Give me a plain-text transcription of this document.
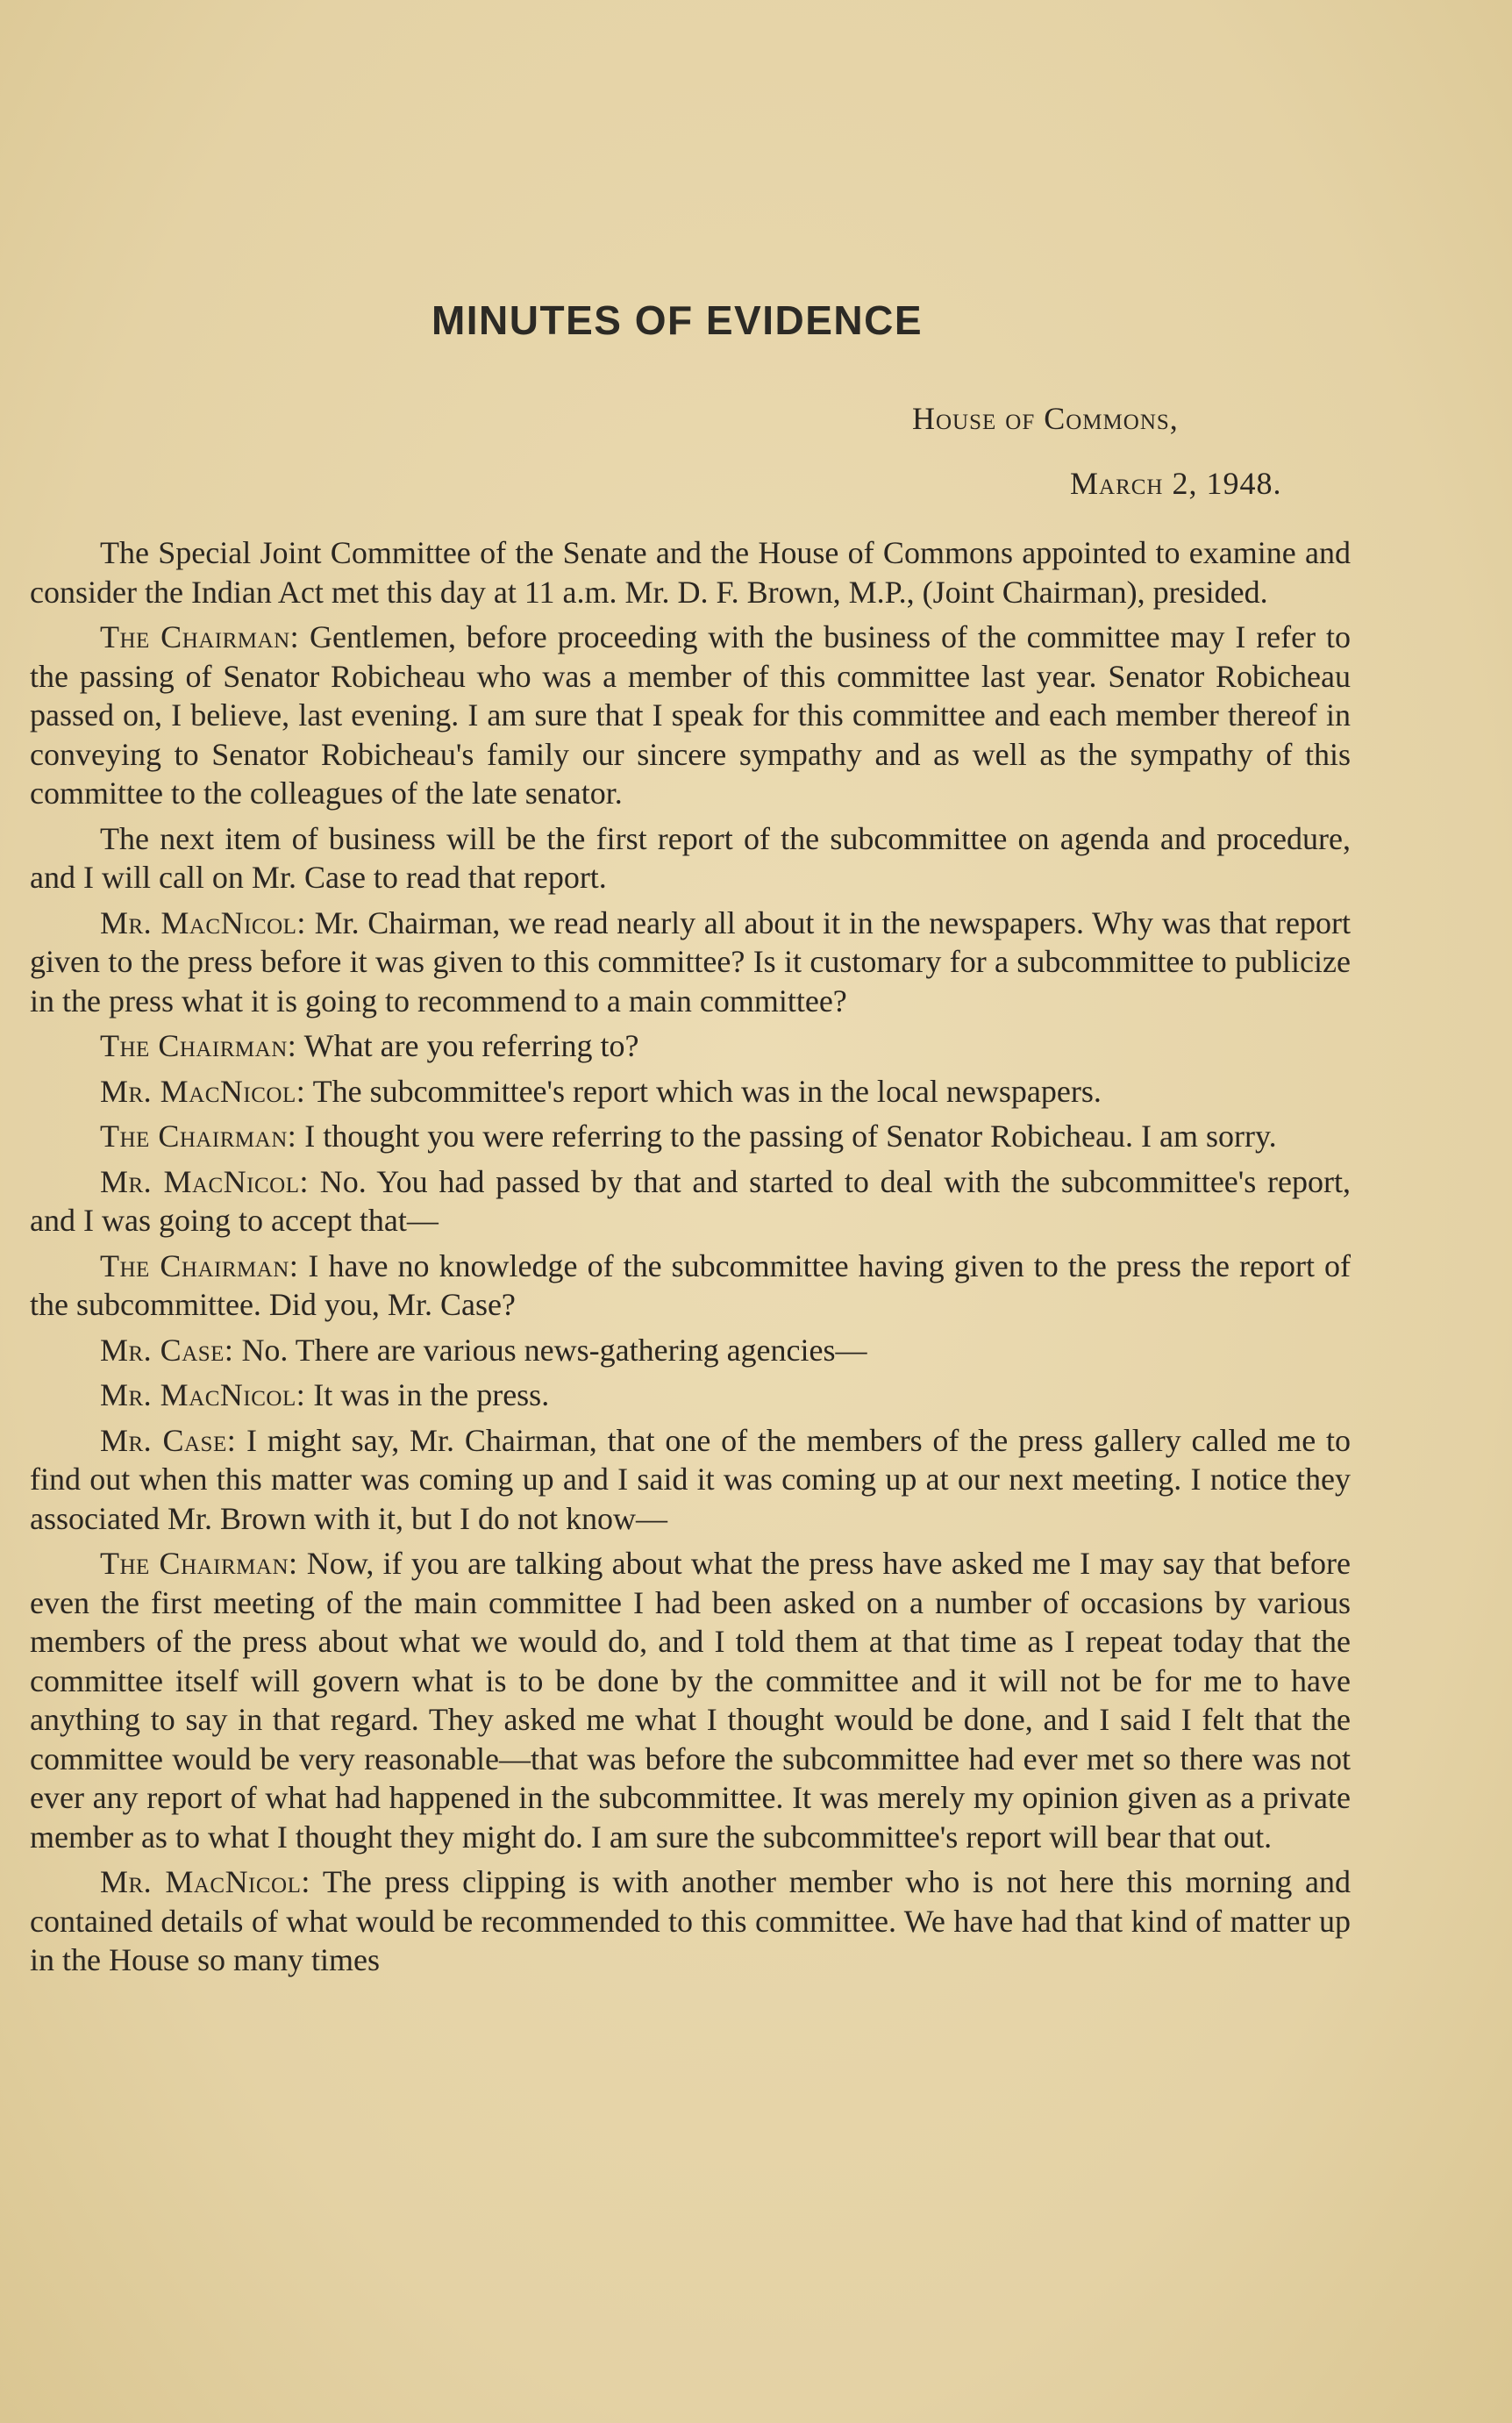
MINUTES OF EVIDENCE
House of Commons,
March 2, 1948.

The Special Joint Committee of the Senate and the House of Commons appointed to examine and consider the Indian Act met this day at 11 a.m. Mr. D. F. Brown, M.P., (Joint Chairman), presided.

The Chairman: Gentlemen, before proceeding with the business of the committee may I refer to the passing of Senator Robicheau who was a member of this committee last year. Senator Robicheau passed on, I believe, last evening. I am sure that I speak for this committee and each member thereof in conveying to Senator Robicheau's family our sincere sympathy and as well as the sympathy of this committee to the colleagues of the late senator.

The next item of business will be the first report of the subcommittee on agenda and procedure, and I will call on Mr. Case to read that report.

Mr. MacNicol: Mr. Chairman, we read nearly all about it in the newspapers. Why was that report given to the press before it was given to this committee? Is it customary for a subcommittee to publicize in the press what it is going to recommend to a main committee?

The Chairman: What are you referring to?

Mr. MacNicol: The subcommittee's report which was in the local newspapers.

The Chairman: I thought you were referring to the passing of Senator Robicheau. I am sorry.

Mr. MacNicol: No. You had passed by that and started to deal with the subcommittee's report, and I was going to accept that—

The Chairman: I have no knowledge of the subcommittee having given to the press the report of the subcommittee. Did you, Mr. Case?

Mr. Case: No. There are various news-gathering agencies—

Mr. MacNicol: It was in the press.

Mr. Case: I might say, Mr. Chairman, that one of the members of the press gallery called me to find out when this matter was coming up and I said it was coming up at our next meeting. I notice they associated Mr. Brown with it, but I do not know—

The Chairman: Now, if you are talking about what the press have asked me I may say that before even the first meeting of the main committee I had been asked on a number of occasions by various members of the press about what we would do, and I told them at that time as I repeat today that the committee itself will govern what is to be done by the committee and it will not be for me to have anything to say in that regard. They asked me what I thought would be done, and I said I felt that the committee would be very reasonable—that was before the subcommittee had ever met so there was not ever any report of what had happened in the subcommittee. It was merely my opinion given as a private member as to what I thought they might do. I am sure the subcommittee's report will bear that out.

Mr. MacNicol: The press clipping is with another member who is not here this morning and contained details of what would be recommended to this committee. We have had that kind of matter up in the House so many times
